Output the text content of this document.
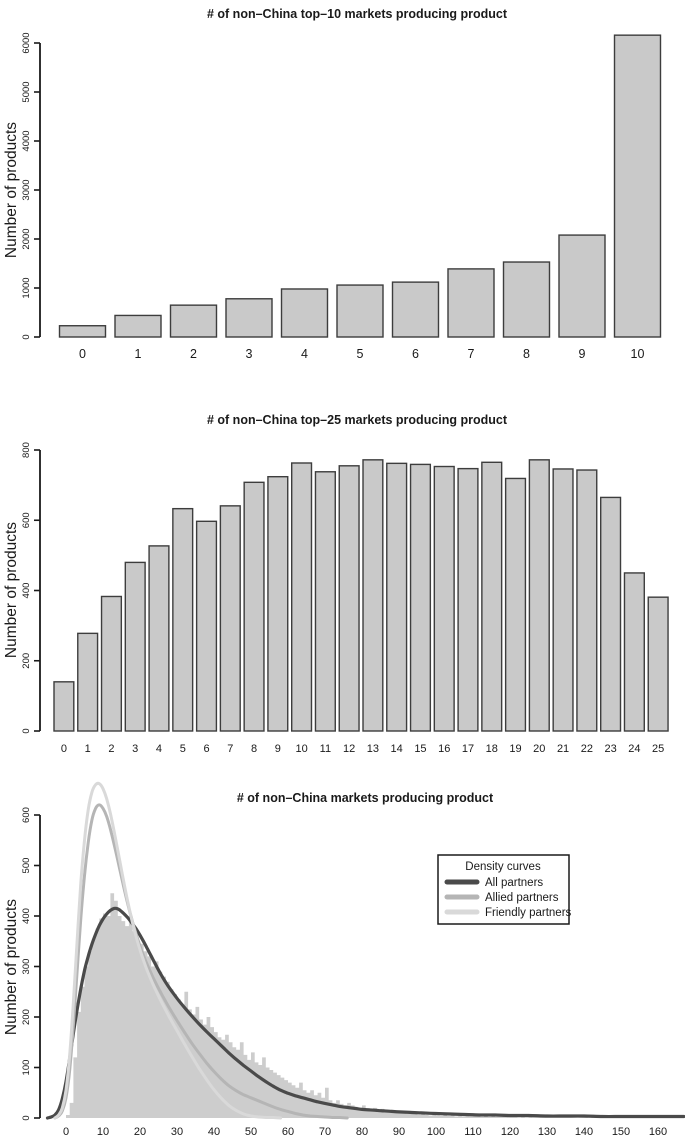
# of non–China top–10 markets producing product
Number of products
0
1000
2000
3000
4000
5000
6000
0	1	2	3	4	5	6	7	8	9	10
# of non–China top–25 markets producing product
Number of products
0
200
400
600
800
0 1 2 3 4 5 6 7 8 9 10 11 12 13 14 15 16 17 18 19 20 21 22 23 24 25
# of non–China markets producing product
Number of products
0
100
200
300
400
500
600
0	10 20 30 40 50 60 70 80 90 100 110 120 130 140 150 160
Density curves
All partners
Allied partners
Friendly partners
